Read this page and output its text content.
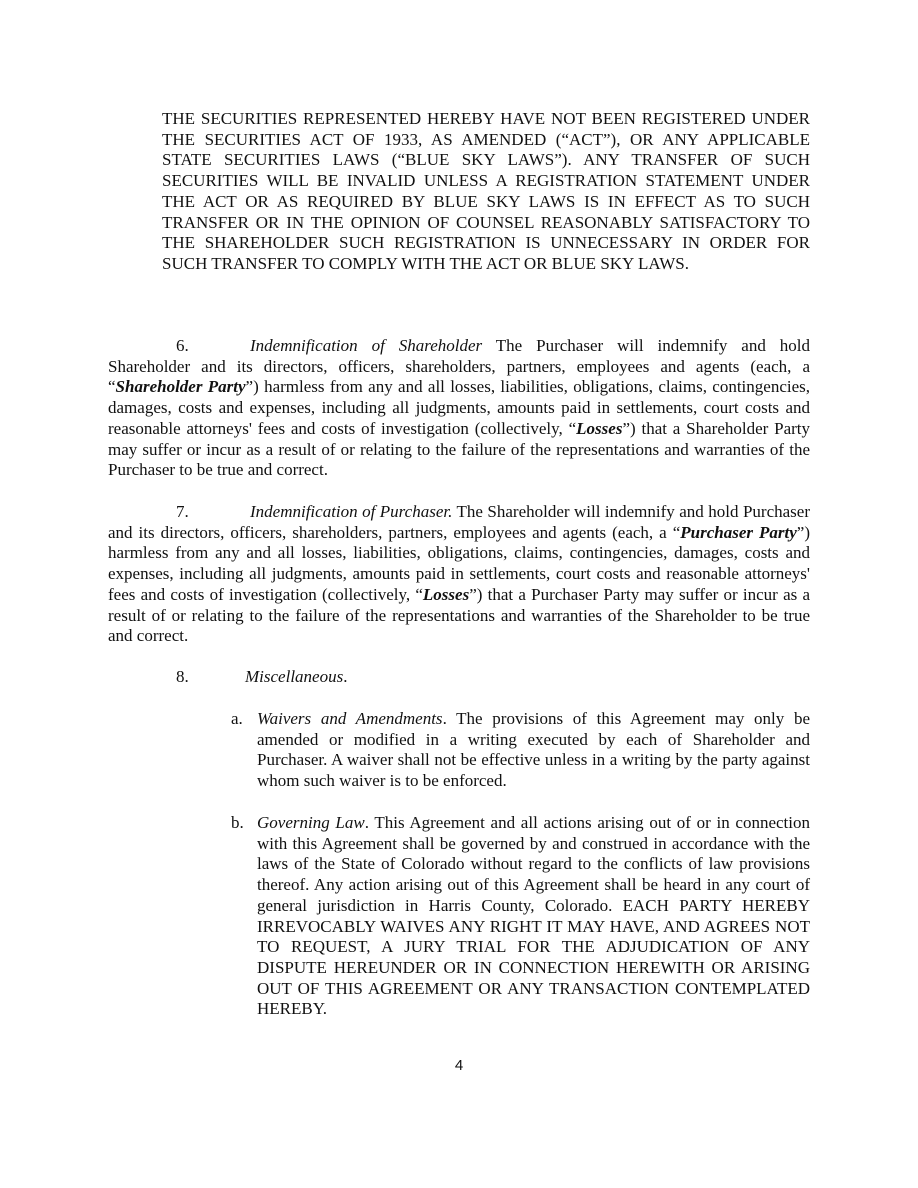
THE SECURITIES REPRESENTED HEREBY HAVE NOT BEEN REGISTERED UNDER THE SECURITIES ACT OF 1933, AS AMENDED (“ACT”), OR ANY APPLICABLE STATE SECURITIES LAWS (“BLUE SKY LAWS”). ANY TRANSFER OF SUCH SECURITIES WILL BE INVALID UNLESS A REGISTRATION STATEMENT UNDER THE ACT OR AS REQUIRED BY BLUE SKY LAWS IS IN EFFECT AS TO SUCH TRANSFER OR IN THE OPINION OF COUNSEL REASONABLY SATISFACTORY TO THE SHAREHOLDER SUCH REGISTRATION IS UNNECESSARY IN ORDER FOR SUCH TRANSFER TO COMPLY WITH THE ACT OR BLUE SKY LAWS.
6.	Indemnification of Shareholder The Purchaser will indemnify and hold Shareholder and its directors, officers, shareholders, partners, employees and agents (each, a “Shareholder Party”) harmless from any and all losses, liabilities, obligations, claims, contingencies, damages, costs and expenses, including all judgments, amounts paid in settlements, court costs and reasonable attorneys' fees and costs of investigation (collectively, “Losses”) that a Shareholder Party may suffer or incur as a result of or relating to the failure of the representations and warranties of the Purchaser to be true and correct.
7.	Indemnification of Purchaser. The Shareholder will indemnify and hold Purchaser and its directors, officers, shareholders, partners, employees and agents (each, a “Purchaser Party”) harmless from any and all losses, liabilities, obligations, claims, contingencies, damages, costs and expenses, including all judgments, amounts paid in settlements, court costs and reasonable attorneys' fees and costs of investigation (collectively, “Losses”) that a Purchaser Party may suffer or incur as a result of or relating to the failure of the representations and warranties of the Shareholder to be true and correct.
8.	Miscellaneous.
a. Waivers and Amendments. The provisions of this Agreement may only be amended or modified in a writing executed by each of Shareholder and Purchaser. A waiver shall not be effective unless in a writing by the party against whom such waiver is to be enforced.
b. Governing Law. This Agreement and all actions arising out of or in connection with this Agreement shall be governed by and construed in accordance with the laws of the State of Colorado without regard to the conflicts of law provisions thereof. Any action arising out of this Agreement shall be heard in any court of general jurisdiction in Harris County, Colorado. EACH PARTY HEREBY IRREVOCABLY WAIVES ANY RIGHT IT MAY HAVE, AND AGREES NOT TO REQUEST, A JURY TRIAL FOR THE ADJUDICATION OF ANY DISPUTE HEREUNDER OR IN CONNECTION HEREWITH OR ARISING OUT OF THIS AGREEMENT OR ANY TRANSACTION CONTEMPLATED HEREBY.
4
